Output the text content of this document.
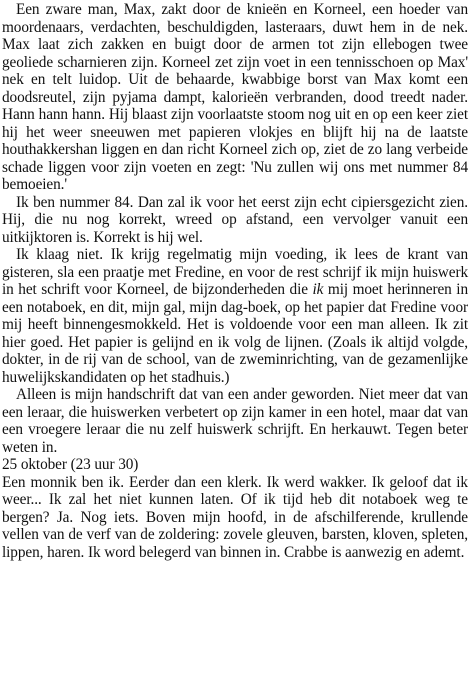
Een zware man, Max, zakt door de knieën en Korneel, een hoeder van moordenaars, verdachten, beschuldigden, lasteraars, duwt hem in de nek. Max laat zich zakken en buigt door de armen tot zijn ellebogen twee geoliede scharnieren zijn. Korneel zet zijn voet in een tennisschoen op Max' nek en telt luidop. Uit de behaarde, kwabbige borst van Max komt een doodsreutel, zijn pyjama dampt, kalorieën verbranden, dood treedt nader. Hann hann hann. Hij blaast zijn voorlaatste stoom nog uit en op een keer ziet hij het weer sneeuwen met papieren vlokjes en blijft hij na de laatste houthakkershan liggen en dan richt Korneel zich op, ziet de zo lang verbeide schade liggen voor zijn voeten en zegt: 'Nu zullen wij ons met nummer 84 bemoeien.'

Ik ben nummer 84. Dan zal ik voor het eerst zijn echt cipiersgezicht zien. Hij, die nu nog korrekt, wreed op afstand, een vervolger vanuit een uitkijktoren is. Korrekt is hij wel.

Ik klaag niet. Ik krijg regelmatig mijn voeding, ik lees de krant van gisteren, sla een praatje met Fredine, en voor de rest schrijf ik mijn huiswerk in het schrift voor Korneel, de bijzonderheden die ik mij moet herinneren in een notaboek, en dit, mijn gal, mijn dag-boek, op het papier dat Fredine voor mij heeft binnengesmokkeld. Het is voldoende voor een man alleen. Ik zit hier goed. Het papier is gelijnd en ik volg de lijnen. (Zoals ik altijd volgde, dokter, in de rij van de school, van de zweminrichting, van de gezamenlijke huwelijkskandidaten op het stadhuis.)

Alleen is mijn handschrift dat van een ander geworden. Niet meer dat van een leraar, die huiswerken verbetert op zijn kamer in een hotel, maar dat van een vroegere leraar die nu zelf huiswerk schrijft. En herkauwt. Tegen beter weten in.

25 oktober (23 uur 30)

Een monnik ben ik. Eerder dan een klerk. Ik werd wakker. Ik geloof dat ik weer... Ik zal het niet kunnen laten. Of ik tijd heb dit notaboek weg te bergen? Ja. Nog iets. Boven mijn hoofd, in de afschilferende, krullende vellen van de verf van de zoldering: zovele gleuven, barsten, kloven, spleten, lippen, haren. Ik word belegerd van binnen in. Crabbe is aanwezig en ademt.
